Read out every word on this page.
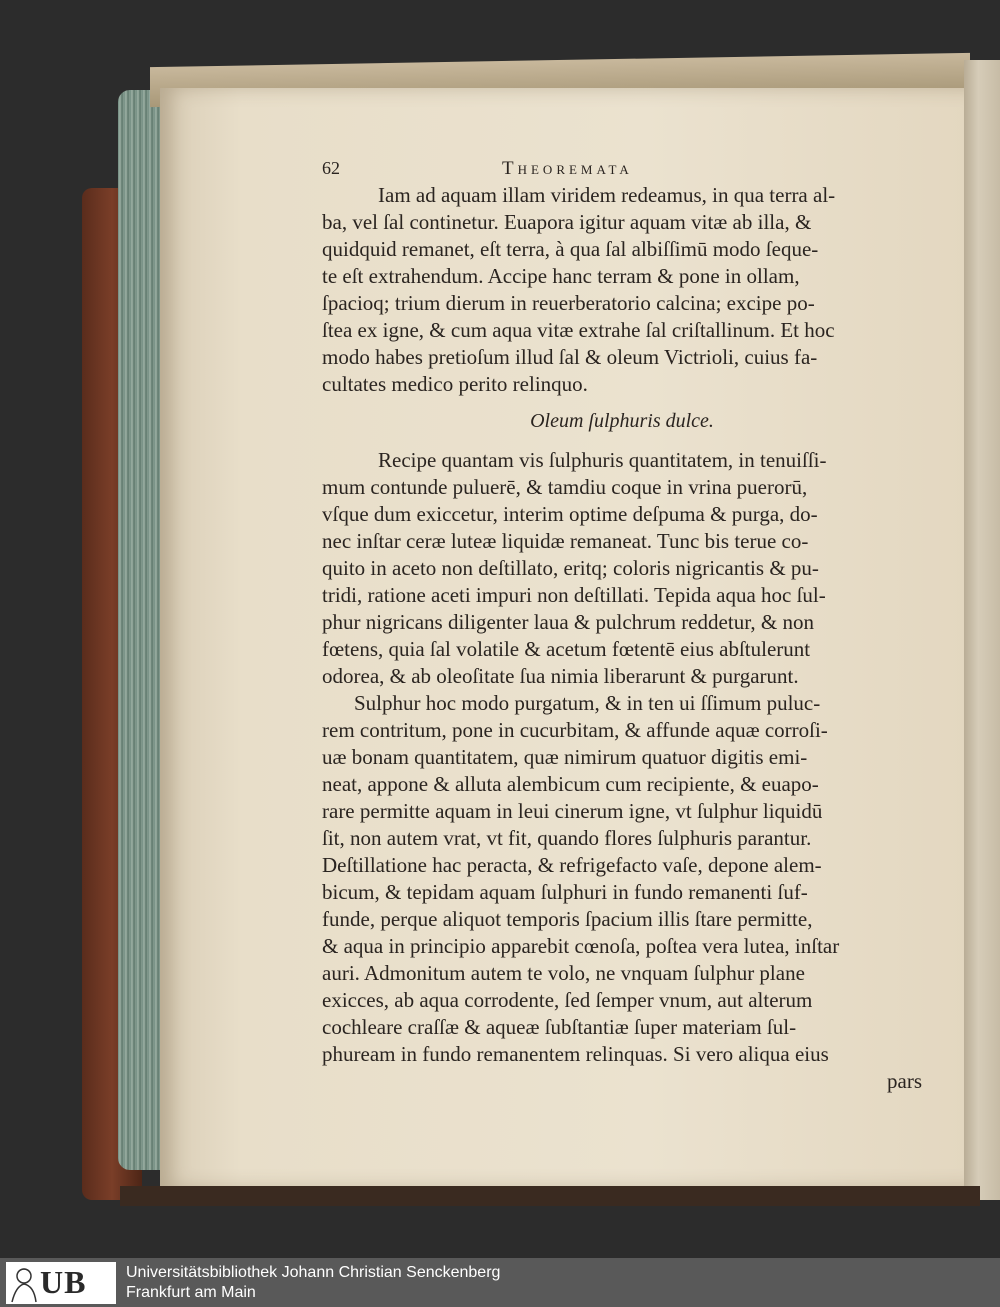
62	Theoremata
Iam ad aquam illam viridem redeamus, in qua terra al-
ba, vel ſal continetur. Euapora igitur aquam vitæ ab illa, &
quidquid remanet, eſt terra, à qua ſal albiſſimū modo ſeque-
te eſt extrahendum. Accipe hanc terram & pone in ollam,
ſpacioq; trium dierum in reuerberatorio calcina; excipe po-
ſtea ex igne, & cum aqua vitæ extrahe ſal criſtallinum. Et hoc
modo habes pretioſum illud ſal & oleum Victrioli, cuius fa-
cultates medico perito relinquo.
Oleum ſulphuris dulce.
Recipe quantam vis ſulphuris quantitatem, in tenuiſſi-
mum contunde puluerē, & tamdiu coque in vrina puerorū,
vſque dum exiccetur, interim optime deſpuma & purga, do-
nec inſtar ceræ luteæ liquidæ remaneat. Tunc bis terue co-
quito in aceto non deſtillato, eritq; coloris nigricantis & pu-
tridi, ratione aceti impuri non deſtillati. Tepida aqua hoc ſul-
phur nigricans diligenter laua & pulchrum reddetur, & non
fœtens, quia ſal volatile & acetum fœtentē eius abſtulerunt
odorea, & ab oleoſitate ſua nimia liberarunt & purgarunt.
Sulphur hoc modo purgatum, & in ten ui ſſimum puluc-
rem contritum, pone in cucurbitam, & affunde aquæ corroſi-
uæ bonam quantitatem, quæ nimirum quatuor digitis emi-
neat, appone & alluta alembicum cum recipiente, & euapo-
rare permitte aquam in leui cinerum igne, vt ſulphur liquidū
ſit, non autem vrat, vt fit, quando flores ſulphuris parantur.
Deſtillatione hac peracta, & refrigefacto vaſe, depone alem-
bicum, & tepidam aquam ſulphuri in fundo remanenti ſuf-
funde, perque aliquot temporis ſpacium illis ſtare permitte,
& aqua in principio apparebit cœnoſa, poſtea vera lutea, inſtar
auri. Admonitum autem te volo, ne vnquam ſulphur plane
exicces, ab aqua corrodente, ſed ſemper vnum, aut alterum
cochleare craſſæ & aqueæ ſubſtantiæ ſuper materiam ſul-
phuream in fundo remanentem relinquas. Si vero aliqua eius
pars
UB Universitätsbibliothek Johann Christian Senckenberg
Frankfurt am Main
